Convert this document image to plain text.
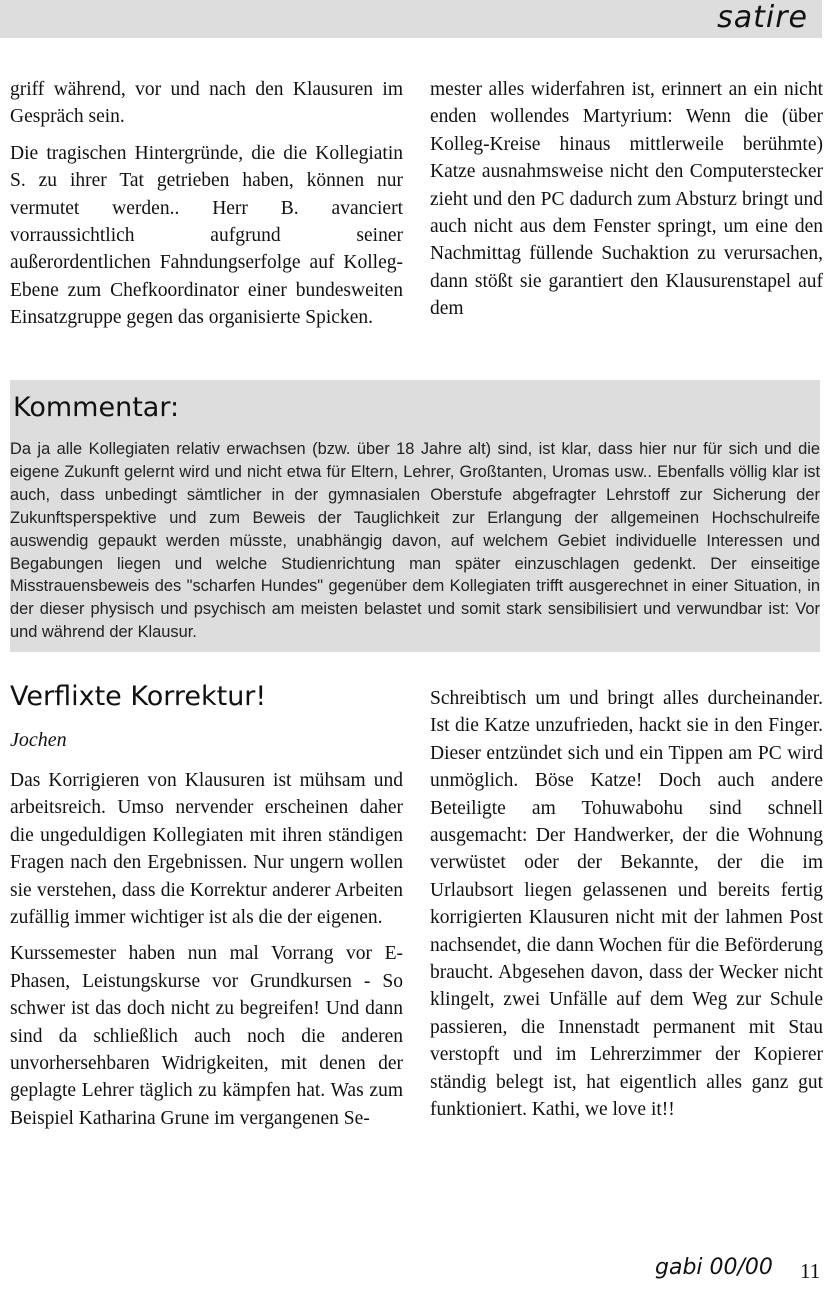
satire

griff während, vor und nach den Klausuren im Gespräch sein.

Die tragischen Hintergründe, die die Kollegiatin S. zu ihrer Tat getrieben haben, können nur vermutet werden.. Herr B. avanciert vorraussichtlich aufgrund seiner außerordentlichen Fahndungserfolge auf Kolleg-Ebene zum Chefkoordinator einer bundesweiten Einsatzgruppe gegen das organisierte Spicken.

mester alles widerfahren ist, erinnert an ein nicht enden wollendes Martyrium: Wenn die (über Kolleg-Kreise hinaus mittlerweile berühmte) Katze ausnahmsweise nicht den Computerstecker zieht und den PC dadurch zum Absturz bringt und auch nicht aus dem Fenster springt, um eine den Nachmittag füllende Suchaktion zu verursachen, dann stößt sie garantiert den Klausurenstapel auf dem

Kommentar:
Da ja alle Kollegiaten relativ erwachsen (bzw. über 18 Jahre alt) sind, ist klar, dass hier nur für sich und die eigene Zukunft gelernt wird und nicht etwa für Eltern, Lehrer, Großtanten, Uromas usw.. Ebenfalls völlig klar ist auch, dass unbedingt sämtlicher in der gymnasialen Oberstufe abgefragter Lehrstoff zur Sicherung der Zukunftsperspektive und zum Beweis der Tauglichkeit zur Erlangung der allgemeinen Hochschulreife auswendig gepaukt werden müsste, unabhängig davon, auf welchem Gebiet individuelle Interessen und Begabungen liegen und welche Studienrichtung man später einzuschlagen gedenkt. Der einseitige Misstrauensbeweis des "scharfen Hundes" gegenüber dem Kollegiaten trifft ausgerechnet in einer Situation, in der dieser physisch und psychisch am meisten belastet und somit stark sensibilisiert und verwundbar ist: Vor und während der Klausur.
Verflixte Korrektur!
Jochen

Das Korrigieren von Klausuren ist mühsam und arbeitsreich. Umso nervender erscheinen daher die ungeduldigen Kollegiaten mit ihren ständigen Fragen nach den Ergebnissen. Nur ungern wollen sie verstehen, dass die Korrektur anderer Arbeiten zufällig immer wichtiger ist als die der eigenen.

Kurssemester haben nun mal Vorrang vor E-Phasen, Leistungskurse vor Grundkursen - So schwer ist das doch nicht zu begreifen! Und dann sind da schließlich auch noch die anderen unvorhersehbaren Widrigkeiten, mit denen der geplagte Lehrer täglich zu kämpfen hat. Was zum Beispiel Katharina Grune im vergangenen Se-

Schreibtisch um und bringt alles durcheinander. Ist die Katze unzufrieden, hackt sie in den Finger. Dieser entzündet sich und ein Tippen am PC wird unmöglich. Böse Katze! Doch auch andere Beteiligte am Tohuwabohu sind schnell ausgemacht: Der Handwerker, der die Wohnung verwüstet oder der Bekannte, der die im Urlaubsort liegen gelassenen und bereits fertig korrigierten Klausuren nicht mit der lahmen Post nachsendet, die dann Wochen für die Beförderung braucht. Abgesehen davon, dass der Wecker nicht klingelt, zwei Unfälle auf dem Weg zur Schule passieren, die Innenstadt permanent mit Stau verstopft und im Lehrerzimmer der Kopierer ständig belegt ist, hat eigentlich alles ganz gut funktioniert. Kathi, we love it!!

gabi 00/00 11
